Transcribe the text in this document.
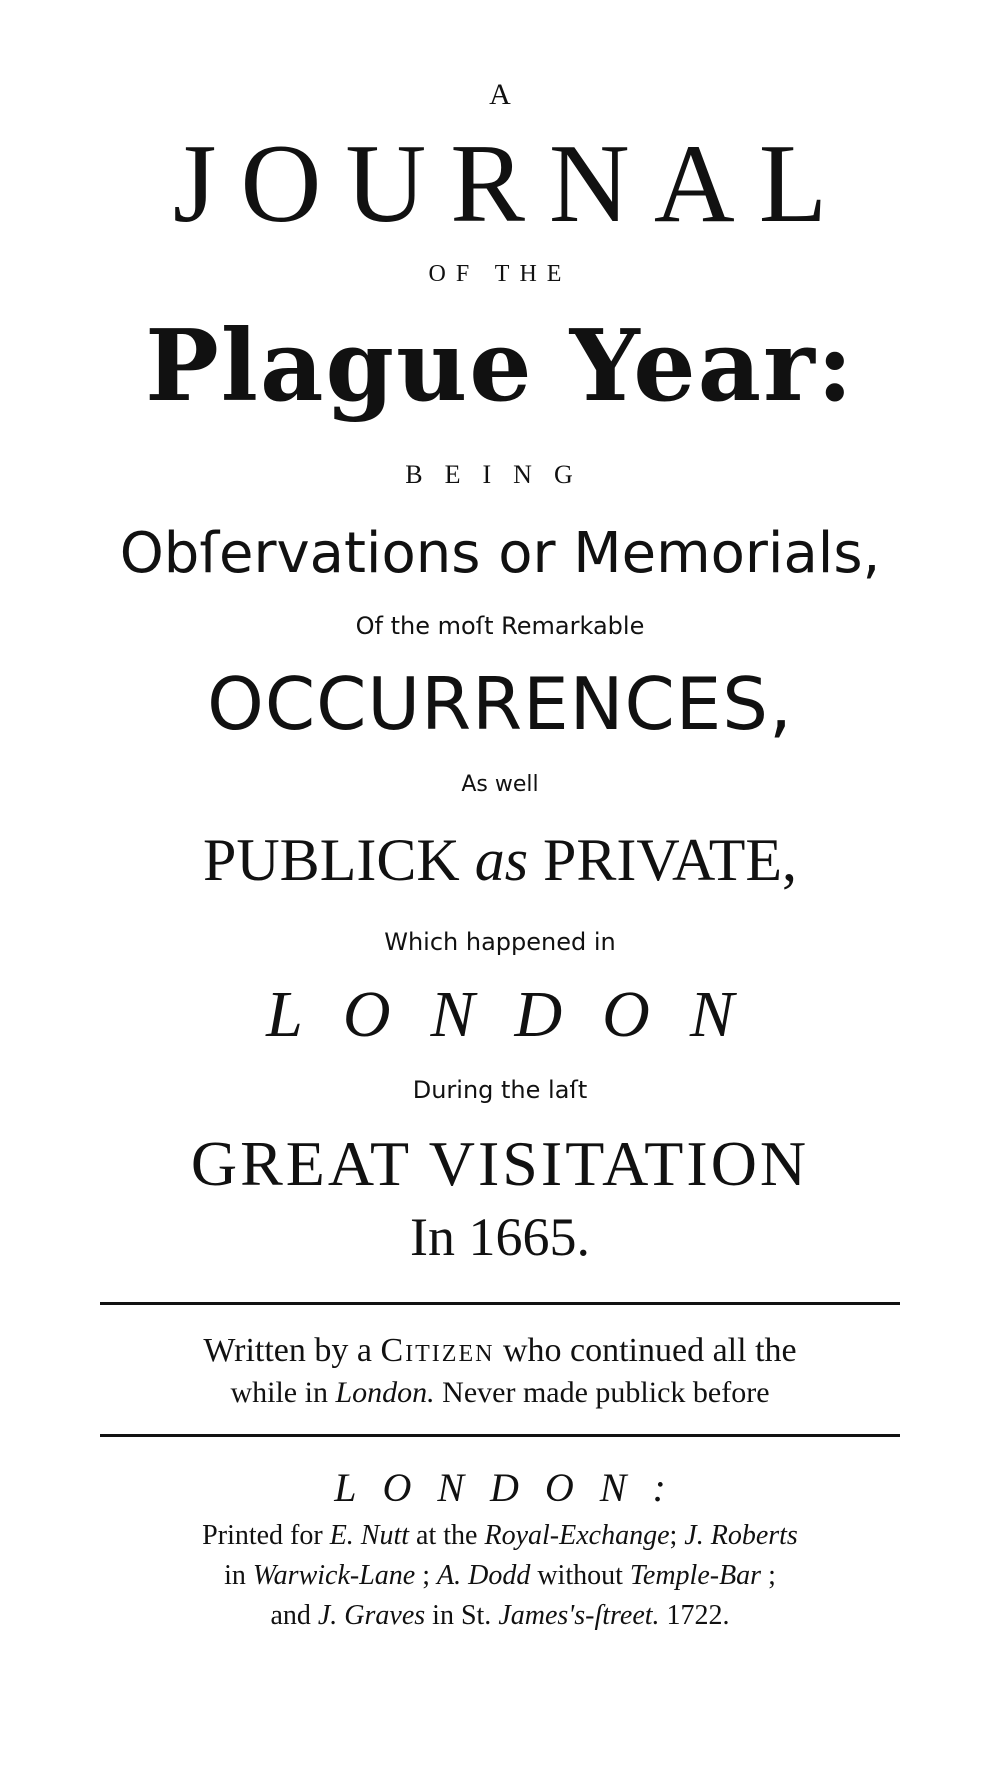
A
JOURNAL
OF THE
Plague Year:
BEING
Obſervations or Memorials,
Of the moſt Remarkable
OCCURRENCES,
As well
PUBLICK as PRIVATE,
Which happened in
LONDON
During the laſt
GREAT VISITATION
In 1665.
Written by a Citizen who continued all the
while in London. Never made publick before
LONDON:
Printed for E. Nutt at the Royal-Exchange; J. Roberts
in Warwick-Lane ; A. Dodd without Temple-Bar ;
and J. Graves in St. James's-ſtreet. 1722.
